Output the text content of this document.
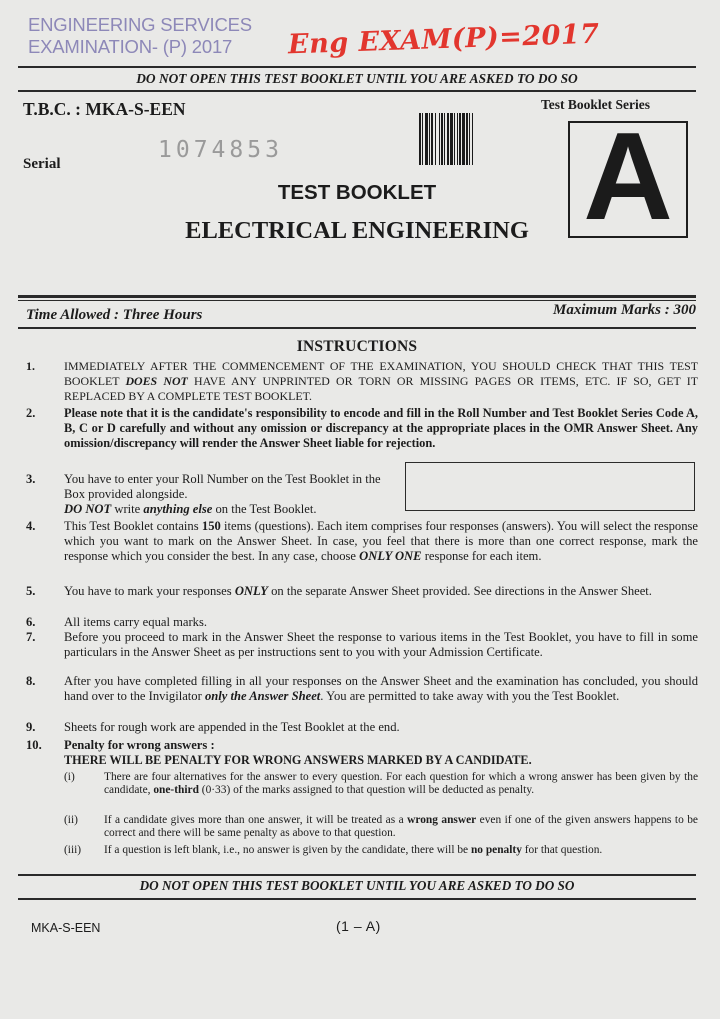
ENGINEERING SERVICES
EXAMINATION- (P) 2017	Eng EXAM(P)=2017
DO NOT OPEN THIS TEST BOOKLET UNTIL YOU ARE ASKED TO DO SO
T.B.C. : MKA-S-EEN	Test Booklet Series
Serial
1074853 A
TEST BOOKLET
ELECTRICAL ENGINEERING
Time Allowed : Three Hours	Maximum Marks : 300
INSTRUCTIONS
1. IMMEDIATELY AFTER THE COMMENCEMENT OF THE EXAMINATION, YOU SHOULD CHECK THAT THIS TEST BOOKLET DOES NOT HAVE ANY UNPRINTED OR TORN OR MISSING PAGES OR ITEMS, ETC. IF SO, GET IT REPLACED BY A COMPLETE TEST BOOKLET.
2. Please note that it is the candidate's responsibility to encode and fill in the Roll Number and Test Booklet Series Code A, B, C or D carefully and without any omission or discrepancy at the appropriate places in the OMR Answer Sheet. Any omission/discrepancy will render the Answer Sheet liable for rejection.
3. You have to enter your Roll Number on the Test Booklet in the Box provided alongside.
DO NOT write anything else on the Test Booklet.
4. This Test Booklet contains 150 items (questions). Each item comprises four responses (answers). You will select the response which you want to mark on the Answer Sheet. In case, you feel that there is more than one correct response, mark the response which you consider the best. In any case, choose ONLY ONE response for each item.
5. You have to mark your responses ONLY on the separate Answer Sheet provided. See directions in the Answer Sheet.
6. All items carry equal marks.
7. Before you proceed to mark in the Answer Sheet the response to various items in the Test Booklet, you have to fill in some particulars in the Answer Sheet as per instructions sent to you with your Admission Certificate.
8. After you have completed filling in all your responses on the Answer Sheet and the examination has concluded, you should hand over to the Invigilator only the Answer Sheet. You are permitted to take away with you the Test Booklet.
9. Sheets for rough work are appended in the Test Booklet at the end.
10. Penalty for wrong answers :
THERE WILL BE PENALTY FOR WRONG ANSWERS MARKED BY A CANDIDATE.
(i)	There are four alternatives for the answer to every question. For each question for which a wrong answer has been given by the candidate, one-third (0·33) of the marks assigned to that question will be deducted as penalty.
(ii) If a candidate gives more than one answer, it will be treated as a wrong answer even if one of the given answers happens to be correct and there will be same penalty as above to that question.
(iii) If a question is left blank, i.e., no answer is given by the candidate, there will be no penalty for that question.
DO NOT OPEN THIS TEST BOOKLET UNTIL YOU ARE ASKED TO DO SO
MKA-S-EEN	(1 – A)
